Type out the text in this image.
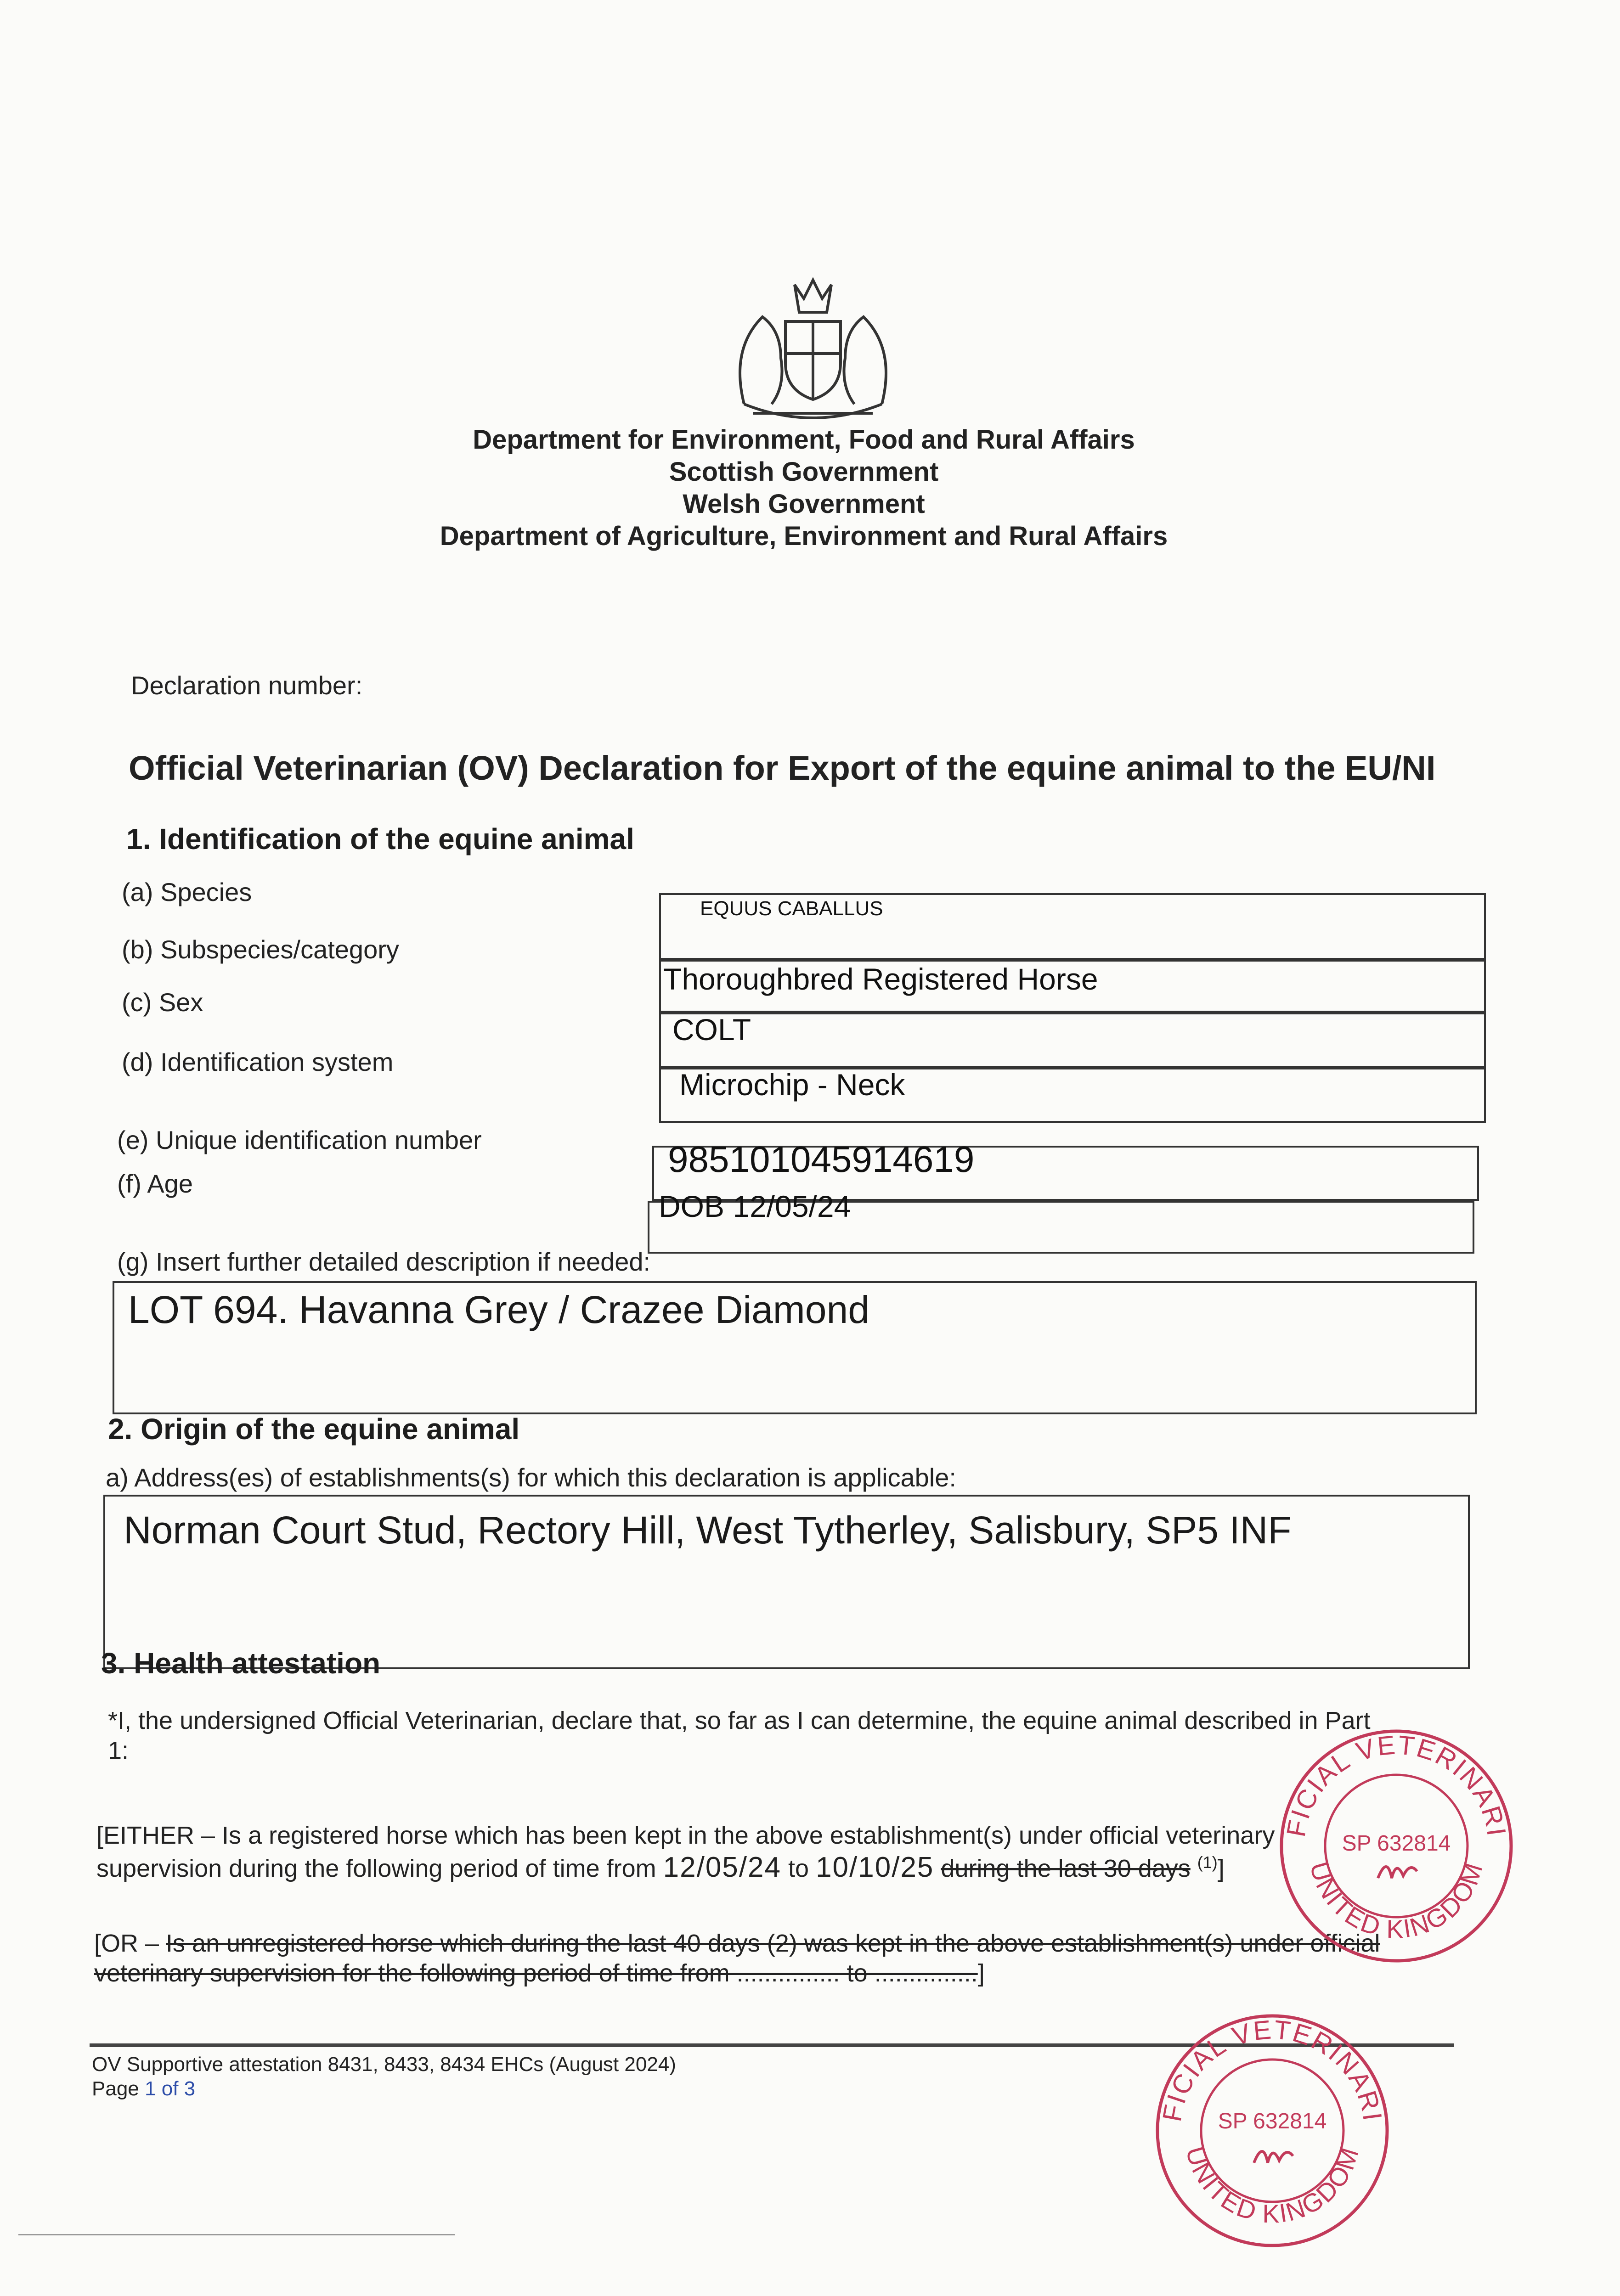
Department for Environment, Food and Rural Affairs
Scottish Government
Welsh Government
Department of Agriculture, Environment and Rural Affairs
Declaration number:
Official Veterinarian (OV) Declaration for Export of the equine animal to the EU/NI
1. Identification of the equine animal
(a) Species
EQUUS CABALLUS
(b) Subspecies/category
Thoroughbred Registered Horse
(c) Sex
COLT
(d) Identification system
Microchip - Neck
(e) Unique identification number	985101045914619
(f) Age
DOB 12/05/24
(g) Insert further detailed description if needed:
LOT 694. Havanna Grey / Crazee Diamond
2. Origin of the equine animal
a) Address(es) of establishments(s) for which this declaration is applicable:
Norman Court Stud, Rectory Hill, West Tytherley, Salisbury, SP5 INF
3. Health attestation
*I, the undersigned Official Veterinarian, declare that, so far as I can determine, the equine animal described in Part
1:
[EITHER – Is a registered horse which has been kept in the above establishment(s) under official veterinary
supervision during the following period of time from 12/05/24 to 10/10/25 during the last 30 days $^{(1)}$]
[OR – Is an unregistered horse which during the last 40 days (2) was kept in the above establishment(s) under official
veterinary supervision for the following period of time from ............... to ...............]
OV Supportive attestation 8431, 8433, 8434 EHCs (August 2024)
Page 1 of 3
FICIAL VETERINARI
UNITED KINGDOM
SP 632814
FICIAL VETERINARI
UNITED KINGDOM
SP 632814
